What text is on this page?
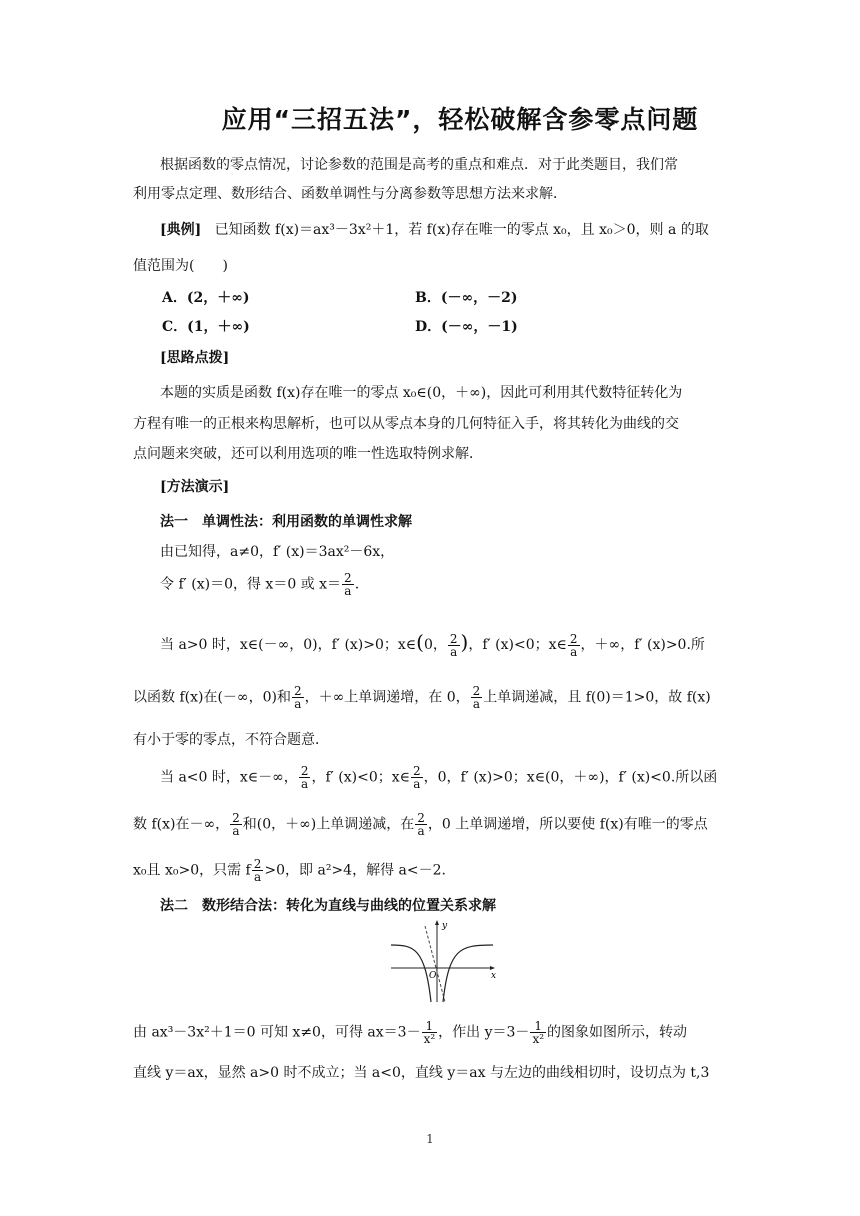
应用“三招五法”，轻松破解含参零点问题
根据函数的零点情况，讨论参数的范围是高考的重点和难点．对于此类题目，我们常
利用零点定理、数形结合、函数单调性与分离参数等思想方法来求解．
[典例] 已知函数 f(x)＝ax³－3x²＋1，若 f(x)存在唯一的零点 x₀，且 x₀＞0，则 a 的取
值范围为(　　)
A．(2，＋∞)	B．(－∞，－2)
C．(1，＋∞)	D．(－∞，－1)
[思路点拨]
本题的实质是函数 f(x)存在唯一的零点 x₀∈(0，＋∞)，因此可利用其代数特征转化为
方程有唯一的正根来构思解析，也可以从零点本身的几何特征入手，将其转化为曲线的交
点问题来突破，还可以利用选项的唯一性选取特例求解．
[方法演示]
法一　单调性法：利用函数的单调性求解
由已知得，a≠0，f′ (x)＝3ax²－6x，
令 f′ (x)＝0，得 x＝0 或 $x= \frac{2}{a}$ .
当 a>0 时，x∈(－∞，0)，f′ (x)>0；x∈(0， $\frac{2}{a}$ )，f′ (x)<0；x∈ $\frac{2}{a}$ ，＋∞，f′ (x)>0.所
以函数 f(x)在(－∞，0)和 $\frac{2}{a}$ ，＋∞上单调递增，在 0， $\frac{2}{a}$ 上单调递减，且 f(0)＝1>0，故 f(x)
有小于零的零点，不符合题意．
当 a<0 时，x∈－∞， $\frac{2}{a}$ ，f′ (x)<0；x∈ $\frac{2}{a}$ ，0，f′ (x)>0；x∈(0，＋∞)，f′ (x)<0.所以函
数 f(x)在－∞， $\frac{2}{a}$ 和(0，＋∞)上单调递减，在 $\frac{2}{a}$ ，0 上单调递增，所以要使 f(x)有唯一的零点
x₀且 x₀>0，只需 f $\frac{2}{a} >0$，即 a²>4，解得 a<－2.
法二　数形结合法：转化为直线与曲线的位置关系求解
y
x
O
由 ax³－3x²＋1＝0 可知 x≠0，可得 $ax=3- \frac{1}{\text{x²}}$ ，作出 $y=3- \frac{1}{\text{x²}}$ 的图象如图所示，转动
直线 y＝ax，显然 a>0 时不成立；当 a<0，直线 y＝ax 与左边的曲线相切时，设切点为 t,3
1
